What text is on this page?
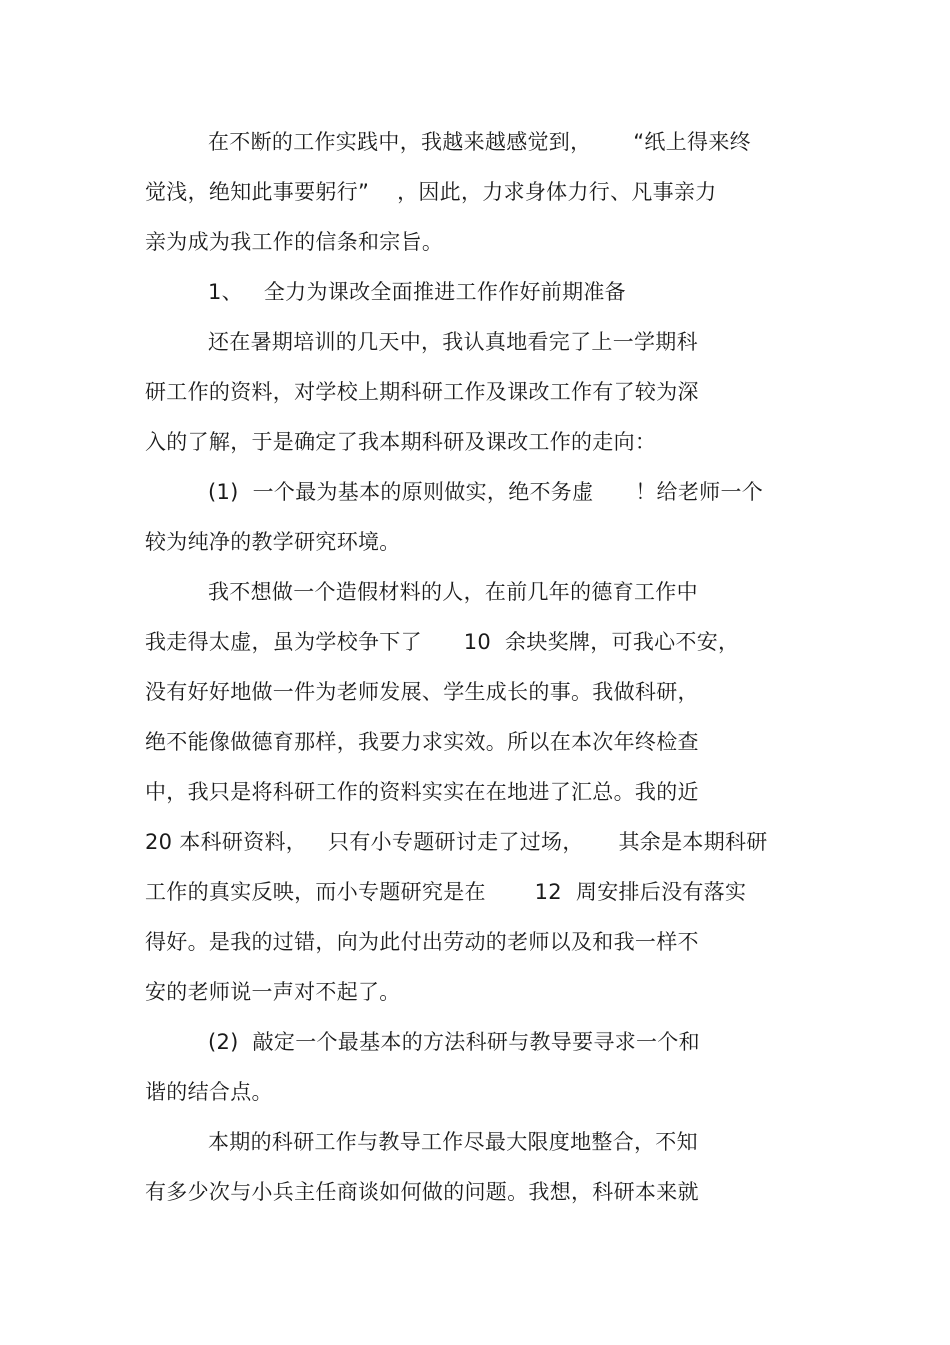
在不断的工作实践中，我越来越感觉到，      “纸上得来终
觉浅，绝知此事要躬行”    ，因此，力求身体力行、凡事亲力
亲为成为我工作的信条和宗旨。
1、   全力为课改全面推进工作作好前期准备
还在暑期培训的几天中，我认真地看完了上一学期科
研工作的资料，对学校上期科研工作及课改工作有了较为深
入的了解，于是确定了我本期科研及课改工作的走向：
(1)  一个最为基本的原则做实，绝不务虚      ！给老师一个
较为纯净的教学研究环境。
我不想做一个造假材料的人，在前几年的德育工作中
我走得太虚，虽为学校争下了      10  余块奖牌，可我心不安，
没有好好地做一件为老师发展、学生成长的事。我做科研，
绝不能像做德育那样，我要力求实效。所以在本次年终检查
中，我只是将科研工作的资料实实在在地进了汇总。我的近
20 本科研资料，   只有小专题研讨走了过场，     其余是本期科研
工作的真实反映，而小专题研究是在       12  周安排后没有落实
得好。是我的过错，向为此付出劳动的老师以及和我一样不
安的老师说一声对不起了。
(2)  敲定一个最基本的方法科研与教导要寻求一个和
谐的结合点。
本期的科研工作与教导工作尽最大限度地整合，不知
有多少次与小兵主任商谈如何做的问题。我想，科研本来就
